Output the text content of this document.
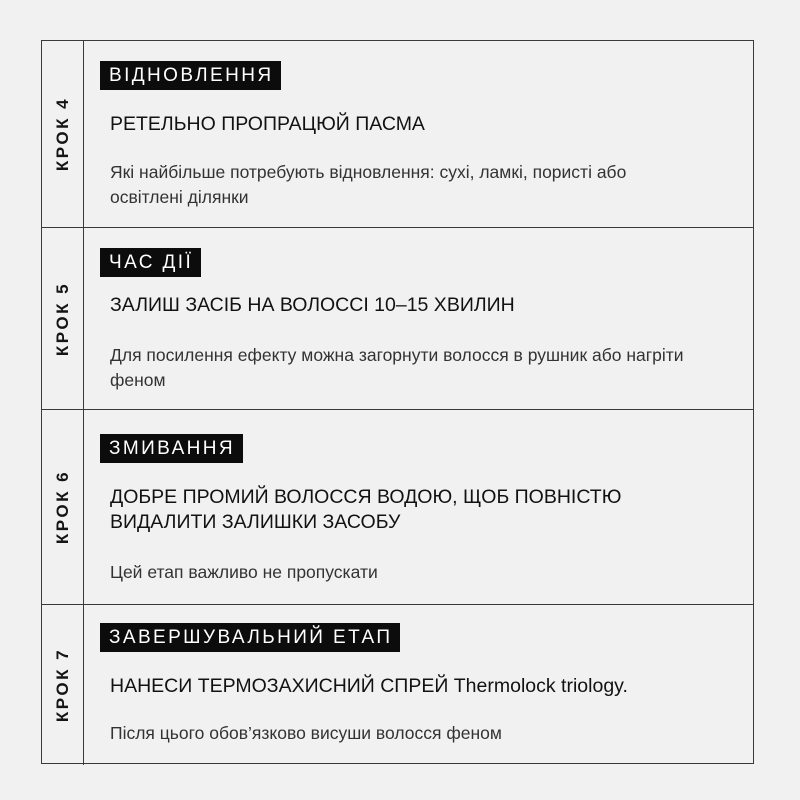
КРОК 4
ВІДНОВЛЕННЯ
РЕТЕЛЬНО ПРОПРАЦЮЙ ПАСМА
Які найбільше потребують відновлення: сухі, ламкі, пористі або освітлені ділянки
КРОК 5
ЧАС ДІЇ
ЗАЛИШ ЗАСІБ НА ВОЛОССІ 10–15 ХВИЛИН
Для посилення ефекту можна загорнути волосся в рушник або нагріти феном
КРОК 6
ЗМИВАННЯ
ДОБРЕ ПРОМИЙ ВОЛОССЯ ВОДОЮ, ЩОБ ПОВНІСТЮ ВИДАЛИТИ ЗАЛИШКИ ЗАСОБУ
Цей етап важливо не пропускати
КРОК 7
ЗАВЕРШУВАЛЬНИЙ ЕТАП
НАНЕСИ ТЕРМОЗАХИСНИЙ СПРЕЙ Thermolock triology.
Після цього обов’язково висуши волосся феном
